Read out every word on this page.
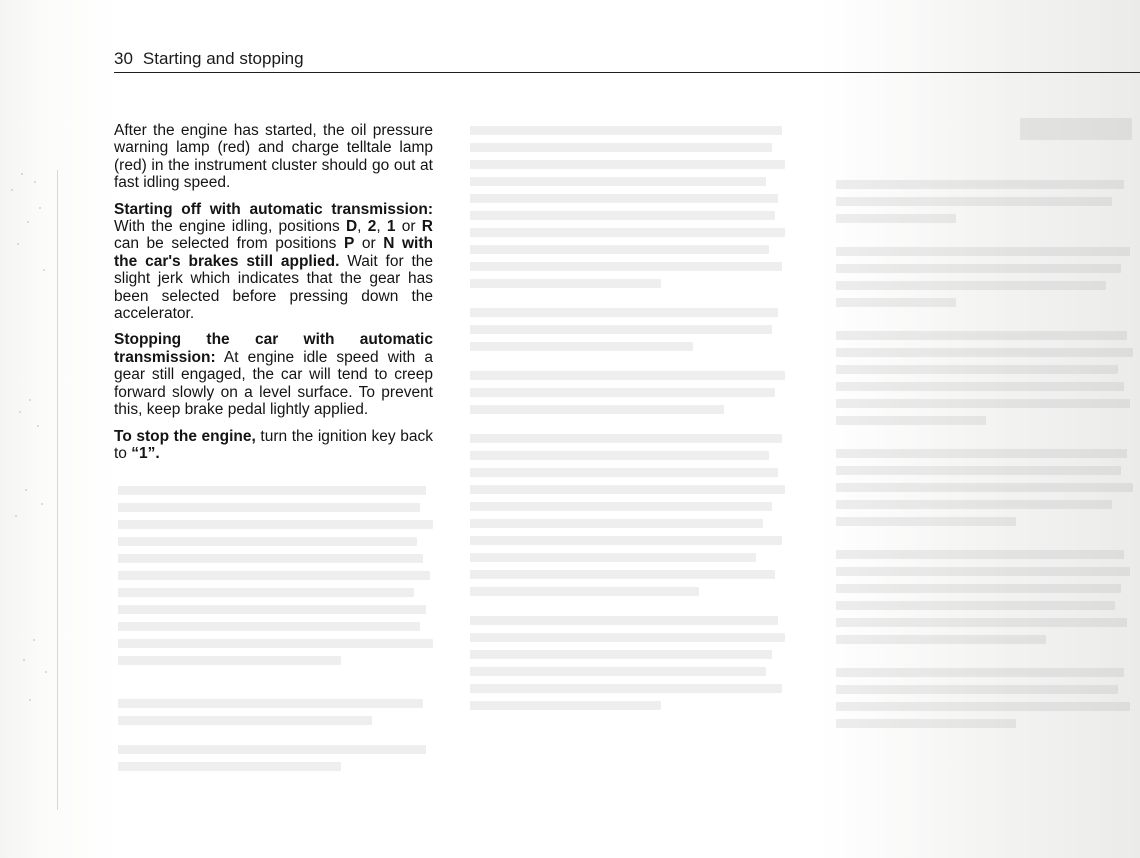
30 Starting and stopping

After the engine has started, the oil pressure warning lamp (red) and charge telltale lamp (red) in the instrument cluster should go out at fast idling speed.

Starting off with automatic transmission: With the engine idling, positions D, 2, 1 or R can be selected from positions P or N with the car's brakes still applied. Wait for the slight jerk which indicates that the gear has been selected before pressing down the accelerator.

Stopping the car with automatic transmission: At engine idle speed with a gear still engaged, the car will tend to creep forward slowly on a level surface. To prevent this, keep brake pedal lightly applied.

To stop the engine, turn the ignition key back to “1”.
